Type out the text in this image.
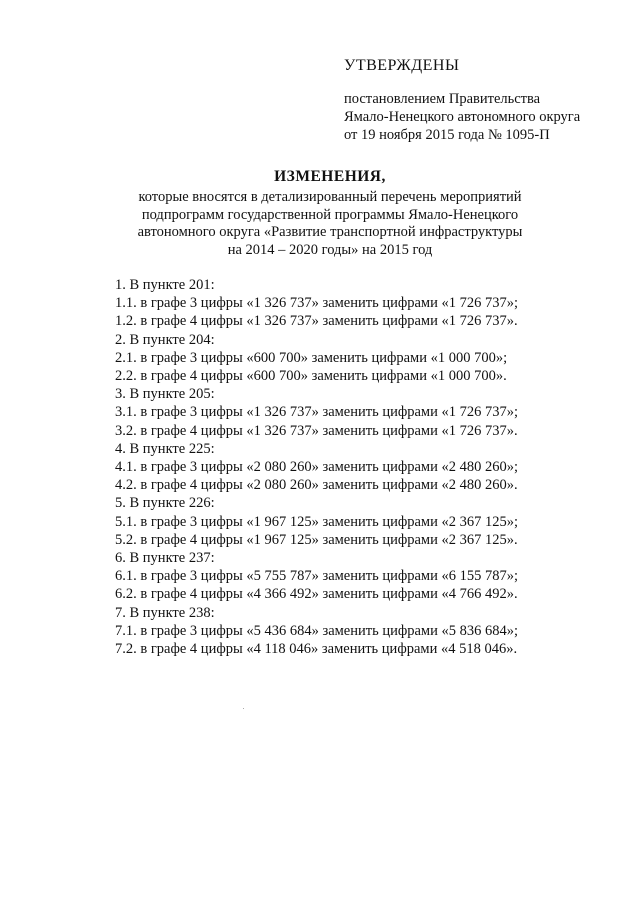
УТВЕРЖДЕНЫ

постановлением Правительства

Ямало-Ненецкого автономного округа

от 19 ноября 2015 года № 1095-П

ИЗМЕНЕНИЯ,

которые вносятся в детализированный перечень мероприятий

подпрограмм государственной программы Ямало-Ненецкого

автономного округа «Развитие транспортной инфраструктуры

на 2014 – 2020 годы» на 2015 год

1. В пункте 201:

1.1. в графе 3 цифры «1 326 737» заменить цифрами «1 726 737»;

1.2. в графе 4 цифры «1 326 737» заменить цифрами «1 726 737».

2. В пункте 204:

2.1. в графе 3 цифры «600 700» заменить цифрами «1 000 700»;

2.2. в графе 4 цифры «600 700» заменить цифрами «1 000 700».

3. В пункте 205:

3.1. в графе 3 цифры «1 326 737» заменить цифрами «1 726 737»;

3.2. в графе 4 цифры «1 326 737» заменить цифрами «1 726 737».

4. В пункте 225:

4.1. в графе 3 цифры «2 080 260» заменить цифрами «2 480 260»;

4.2. в графе 4 цифры «2 080 260» заменить цифрами «2 480 260».

5. В пункте 226:

5.1. в графе 3 цифры «1 967 125» заменить цифрами «2 367 125»;

5.2. в графе 4 цифры «1 967 125» заменить цифрами «2 367 125».

6. В пункте 237:

6.1. в графе 3 цифры «5 755 787» заменить цифрами «6 155 787»;

6.2. в графе 4 цифры «4 366 492» заменить цифрами «4 766 492».

7. В пункте 238:

7.1. в графе 3 цифры «5 436 684» заменить цифрами «5 836 684»;

7.2. в графе 4 цифры «4 118 046» заменить цифрами «4 518 046».
